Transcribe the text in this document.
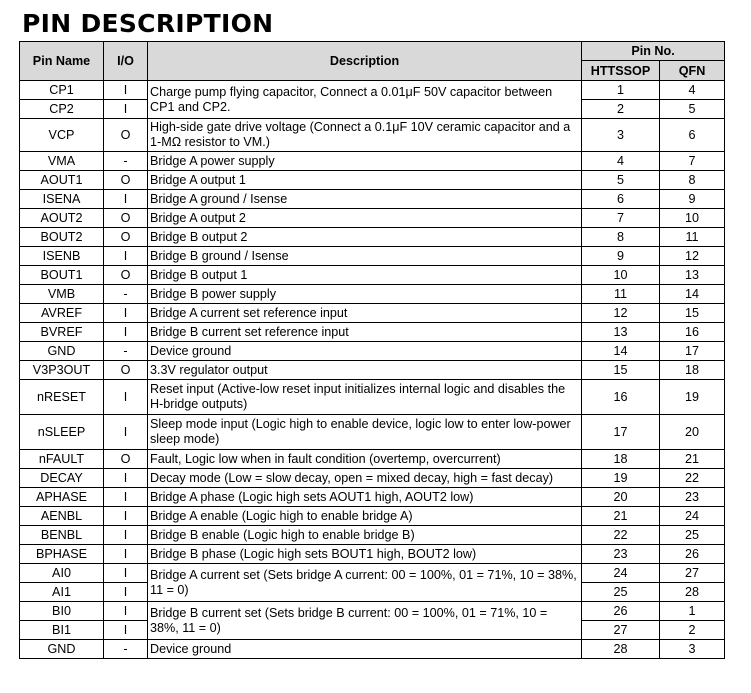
PIN DESCRIPTION
Pin Name	I/O	Description	Pin No.	
			HTTSSOP	QFN
CP1	I	Charge pump flying capacitor, Connect a 0.01μF 50V capacitor between CP1 and CP2.	1	4
CP2	I		2	5
VCP	O	High-side gate drive voltage (Connect a 0.1μF 10V ceramic capacitor and a 1-MΩ resistor to VM.)	3	6
VMA	-	Bridge A power supply	4	7
AOUT1	O	Bridge A output 1	5	8
ISENA	I	Bridge A ground / Isense	6	9
AOUT2	O	Bridge A output 2	7	10
BOUT2	O	Bridge B output 2	8	11
ISENB	I	Bridge B ground / Isense	9	12
BOUT1	O	Bridge B output 1	10	13
VMB	-	Bridge B power supply	11	14
AVREF	I	Bridge A current set reference input	12	15
BVREF	I	Bridge B current set reference input	13	16
GND	-	Device ground	14	17
V3P3OUT	O	3.3V regulator output	15	18
nRESET	I	Reset input (Active-low reset input initializes internal logic and disables the H-bridge outputs)	16	19
nSLEEP	I	Sleep mode input (Logic high to enable device, logic low to enter low-power sleep mode)	17	20
nFAULT	O	Fault, Logic low when in fault condition (overtemp, overcurrent)	18	21
DECAY	I	Decay mode (Low = slow decay, open = mixed decay, high = fast decay)	19	22
APHASE	I	Bridge A phase (Logic high sets AOUT1 high, AOUT2 low)	20	23
AENBL	I	Bridge A enable (Logic high to enable bridge A)	21	24
BENBL	I	Bridge B enable (Logic high to enable bridge B)	22	25
BPHASE	I	Bridge B phase (Logic high sets BOUT1 high, BOUT2 low)	23	26
AI0	I	Bridge A current set (Sets bridge A current: 00 = 100%, 01 = 71%, 10 = 38%, 11 = 0)	24	27
AI1	I		25	28
BI0	I	Bridge B current set (Sets bridge B current: 00 = 100%, 01 = 71%, 10 = 38%, 11 = 0)	26	1
BI1	I		27	2
GND	-	Device ground	28	3
